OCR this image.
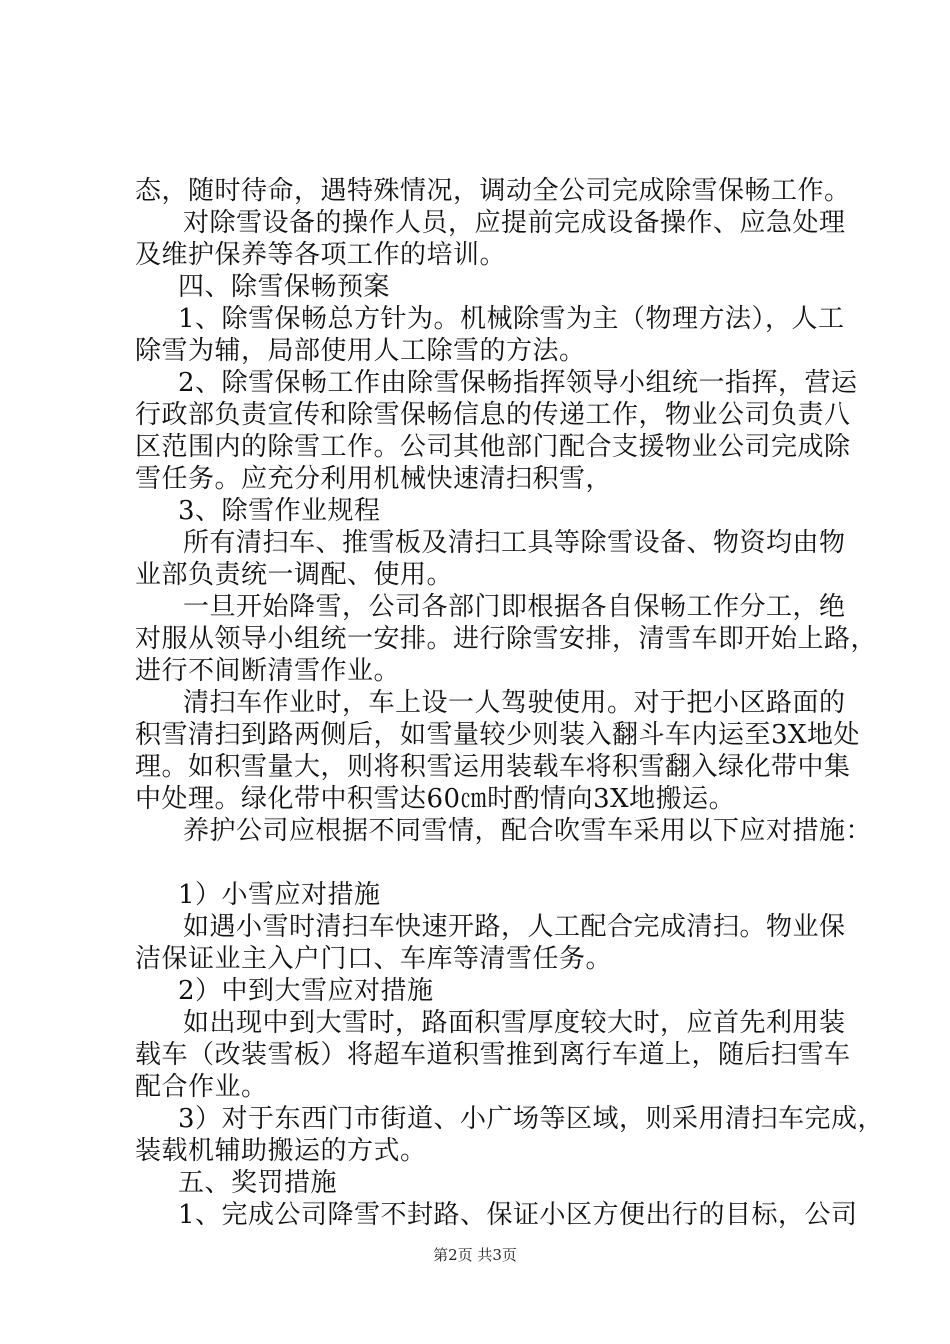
态，随时待命，遇特殊情况，调动全公司完成除雪保畅工作。
对除雪设备的操作人员，应提前完成设备操作、应急处理
及维护保养等各项工作的培训。
四、除雪保畅预案
1、除雪保畅总方针为。机械除雪为主（物理方法），人工
除雪为辅，局部使用人工除雪的方法。
2、除雪保畅工作由除雪保畅指挥领导小组统一指挥，营运
行政部负责宣传和除雪保畅信息的传递工作，物业公司负责八
区范围内的除雪工作。公司其他部门配合支援物业公司完成除
雪任务。应充分利用机械快速清扫积雪，
3、除雪作业规程
所有清扫车、推雪板及清扫工具等除雪设备、物资均由物
业部负责统一调配、使用。
一旦开始降雪，公司各部门即根据各自保畅工作分工，绝
对服从领导小组统一安排。进行除雪安排，清雪车即开始上路，
进行不间断清雪作业。
清扫车作业时，车上设一人驾驶使用。对于把小区路面的
积雪清扫到路两侧后，如雪量较少则装入翻斗车内运至3X地处
理。如积雪量大，则将积雪运用装载车将积雪翻入绿化带中集
中处理。绿化带中积雪达60㎝时酌情向3X地搬运。
养护公司应根据不同雪情，配合吹雪车采用以下应对措施：
1）小雪应对措施
如遇小雪时清扫车快速开路，人工配合完成清扫。物业保
洁保证业主入户门口、车库等清雪任务。
2）中到大雪应对措施
如出现中到大雪时，路面积雪厚度较大时，应首先利用装
载车（改装雪板）将超车道积雪推到离行车道上，随后扫雪车
配合作业。
3）对于东西门市街道、小广场等区域，则采用清扫车完成，
装载机辅助搬运的方式。
五、奖罚措施
1、完成公司降雪不封路、保证小区方便出行的目标，公司
第2页 共3页
